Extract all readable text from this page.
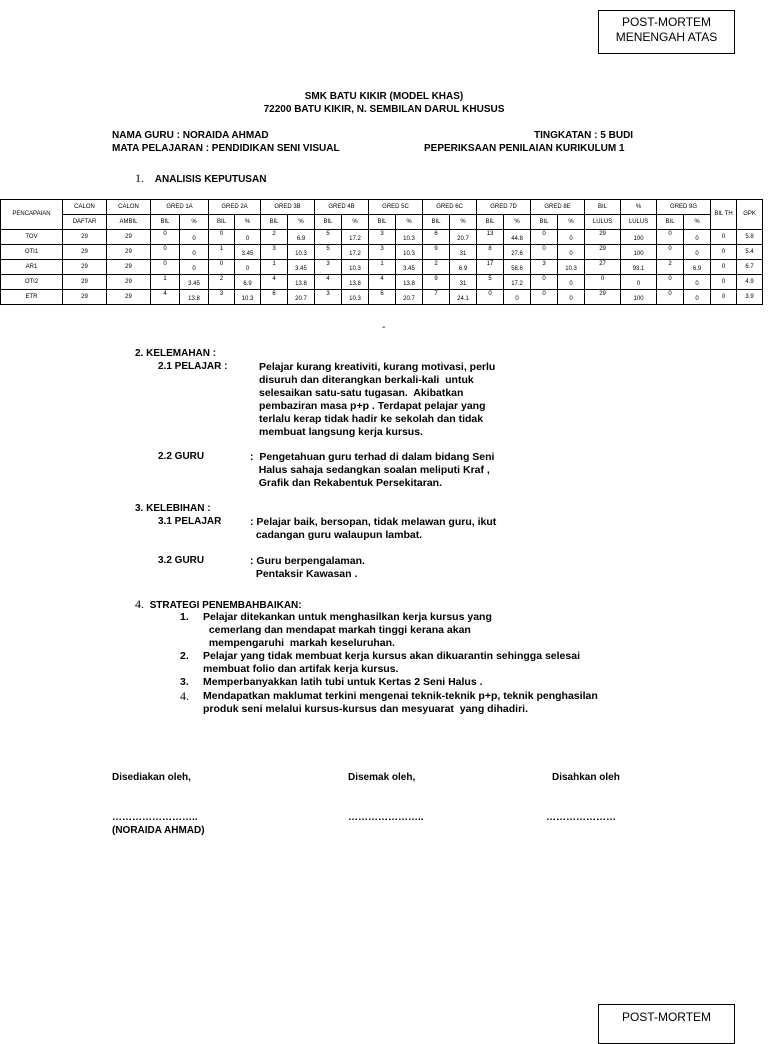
POST-MORTEM MENENGAH ATAS
SMK BATU KIKIR (MODEL KHAS)
72200 BATU KIKIR, N. SEMBILAN DARUL KHUSUS
NAMA GURU : NORAIDA AHMAD
MATA PELAJARAN : PENDIDIKAN SENI VISUAL
TINGKATAN : 5 BUDI
PEPERIKSAAN PENILAIAN KURIKULUM 1
1. ANALISIS KEPUTUSAN
PENCAPAIAN	CALON	CALON	GRED 1A		GRED 2A		GRED 3B		GRED 4B		GRED 5C		GRED 6C		GRED 7D		GRED 8E		BIL	%	GRED 9G		BIL TH	GPK
	DAFTAR	AMBIL	BIL	%	BIL	%	BIL	%	BIL	%	BIL	%	BIL	%	BIL	%	BIL	%	LULUS	LULUS	BIL	%		
TOV	29	29	0	0	0	0	2	6.9	5	17.2	3	10.3	6	20.7	13	44.8	0	0	29	100	0	0	0	5.8
OTI1	29	29	0	0	1	3.45	3	10.3	5	17.2	3	10.3	9	31	8	27.6	0	0	29	100	0	0	0	5.4
AR1	29	29	0	0	0	0	1	3.45	3	10.3	1	3.45	2	6.9	17	58.6	3	10.3	27	93.1	2	6.9	0	6.7
OTI2	29	29	1	3.45	2	6.9	4	13.8	4	13.8	4	13.8	9	31	5	17.2	0	0	0	0	0	0	0	4.9
ETR	29	29	4	13.8	3	10.3	6	20.7	3	10.3	6	20.7	7	24.1	0	0	0	0	29	100	0	0	0	3.9
-
2. KELEMAHAN :
2.1 PELAJAR :	Pelajar kurang kreativiti, kurang motivasi, perlu
disuruh dan diterangkan berkali-kali  untuk
selesaikan satu-satu tugasan.  Akibatkan
pembaziran masa p+p . Terdapat pelajar yang
terlalu kerap tidak hadir ke sekolah dan tidak
membuat langsung kerja kursus.
2.2 GURU	:  Pengetahuan guru terhad di dalam bidang Seni
Halus sahaja sedangkan soalan meliputi Kraf ,
Grafik dan Rekabentuk Persekitaran.
3. KELEBIHAN :
3.1 PELAJAR	: Pelajar baik, bersopan, tidak melawan guru, ikut
cadangan guru walaupun lambat.
3.2 GURU	: Guru berpengalaman.
Pentaksir Kawasan .
4. STRATEGI PENEMBAHBAIKAN:
1. Pelajar ditekankan untuk menghasilkan kerja kursus yang
cemerlang dan mendapat markah tinggi kerana akan
mempengaruhi  markah keseluruhan.
2. Pelajar yang tidak membuat kerja kursus akan dikuarantin sehingga selesai
membuat folio dan artifak kerja kursus.
3. Memperbanyakkan latih tubi untuk Kertas 2 Seni Halus .
4. Mendapatkan maklumat terkini mengenai teknik-teknik p+p, teknik penghasilan
produk seni melalui kursus-kursus dan mesyuarat  yang dihadiri.
Disediakan oleh,	Disemak oleh,	Disahkan oleh
……………………..	…………………..	…………………
(NORAIDA AHMAD)
POST-MORTEM
